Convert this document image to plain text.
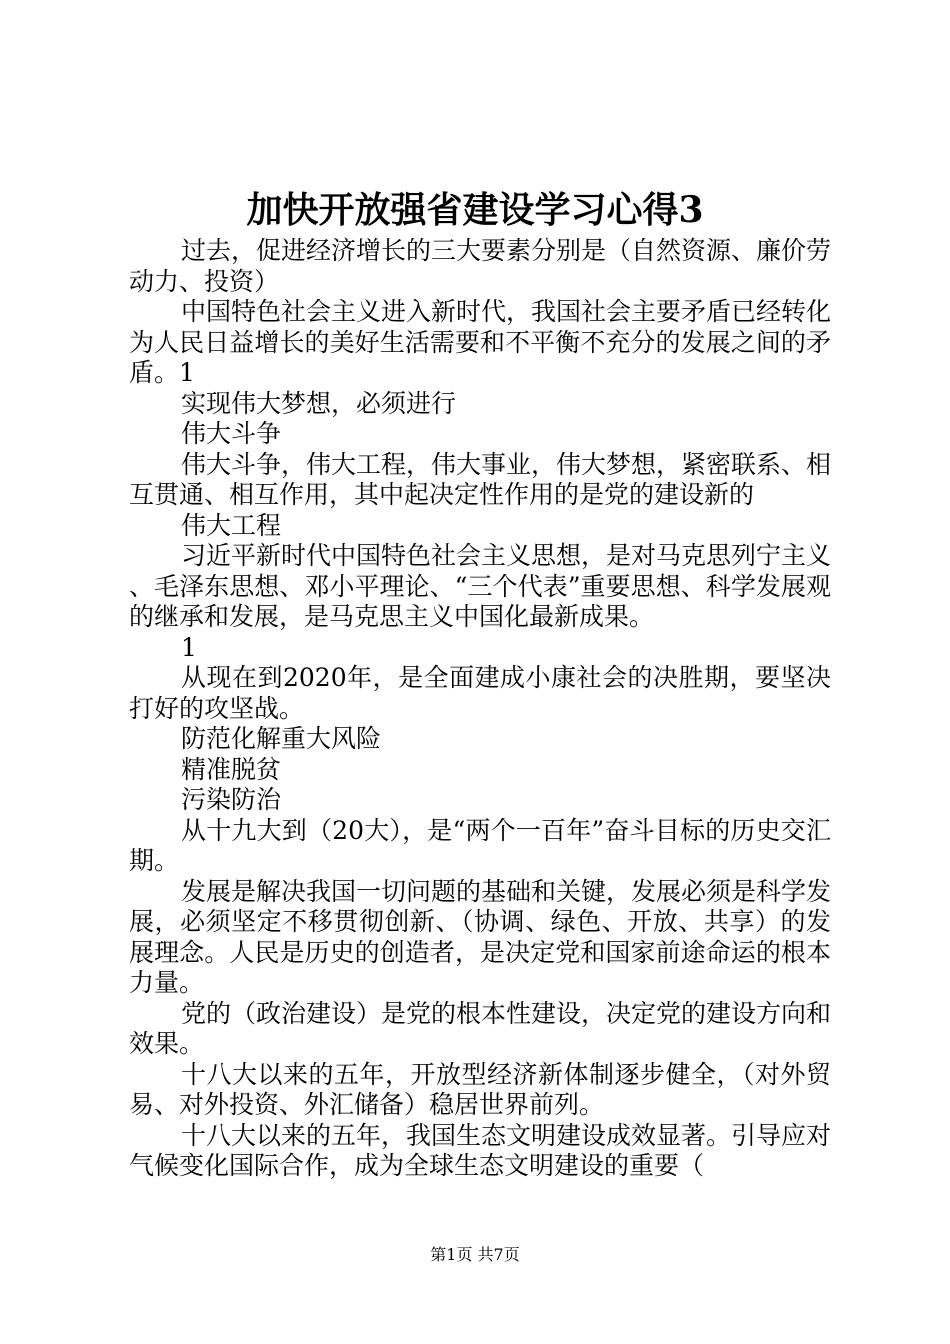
加快开放强省建设学习心得3

过去，促进经济增长的三大要素分别是（自然资源、廉价劳动力、投资）

中国特色社会主义进入新时代，我国社会主要矛盾已经转化为人民日益增长的美好生活需要和不平衡不充分的发展之间的矛盾。1

实现伟大梦想，必须进行

伟大斗争

伟大斗争，伟大工程，伟大事业，伟大梦想，紧密联系、相互贯通、相互作用，其中起决定性作用的是党的建设新的

伟大工程

习近平新时代中国特色社会主义思想，是对马克思列宁主义、毛泽东思想、邓小平理论、“三个代表”重要思想、科学发展观的继承和发展，是马克思主义中国化最新成果。

1

从现在到2020年，是全面建成小康社会的决胜期，要坚决打好的攻坚战。

防范化解重大风险

精准脱贫

污染防治

从十九大到（20大），是“两个一百年”奋斗目标的历史交汇期。

发展是解决我国一切问题的基础和关键，发展必须是科学发展，必须坚定不移贯彻创新、（协调、绿色、开放、共享）的发展理念。人民是历史的创造者，是决定党和国家前途命运的根本力量。

党的（政治建设）是党的根本性建设，决定党的建设方向和效果。

十八大以来的五年，开放型经济新体制逐步健全，（对外贸易、对外投资、外汇储备）稳居世界前列。

十八大以来的五年，我国生态文明建设成效显著。引导应对气候变化国际合作，成为全球生态文明建设的重要（

第1页 共7页
